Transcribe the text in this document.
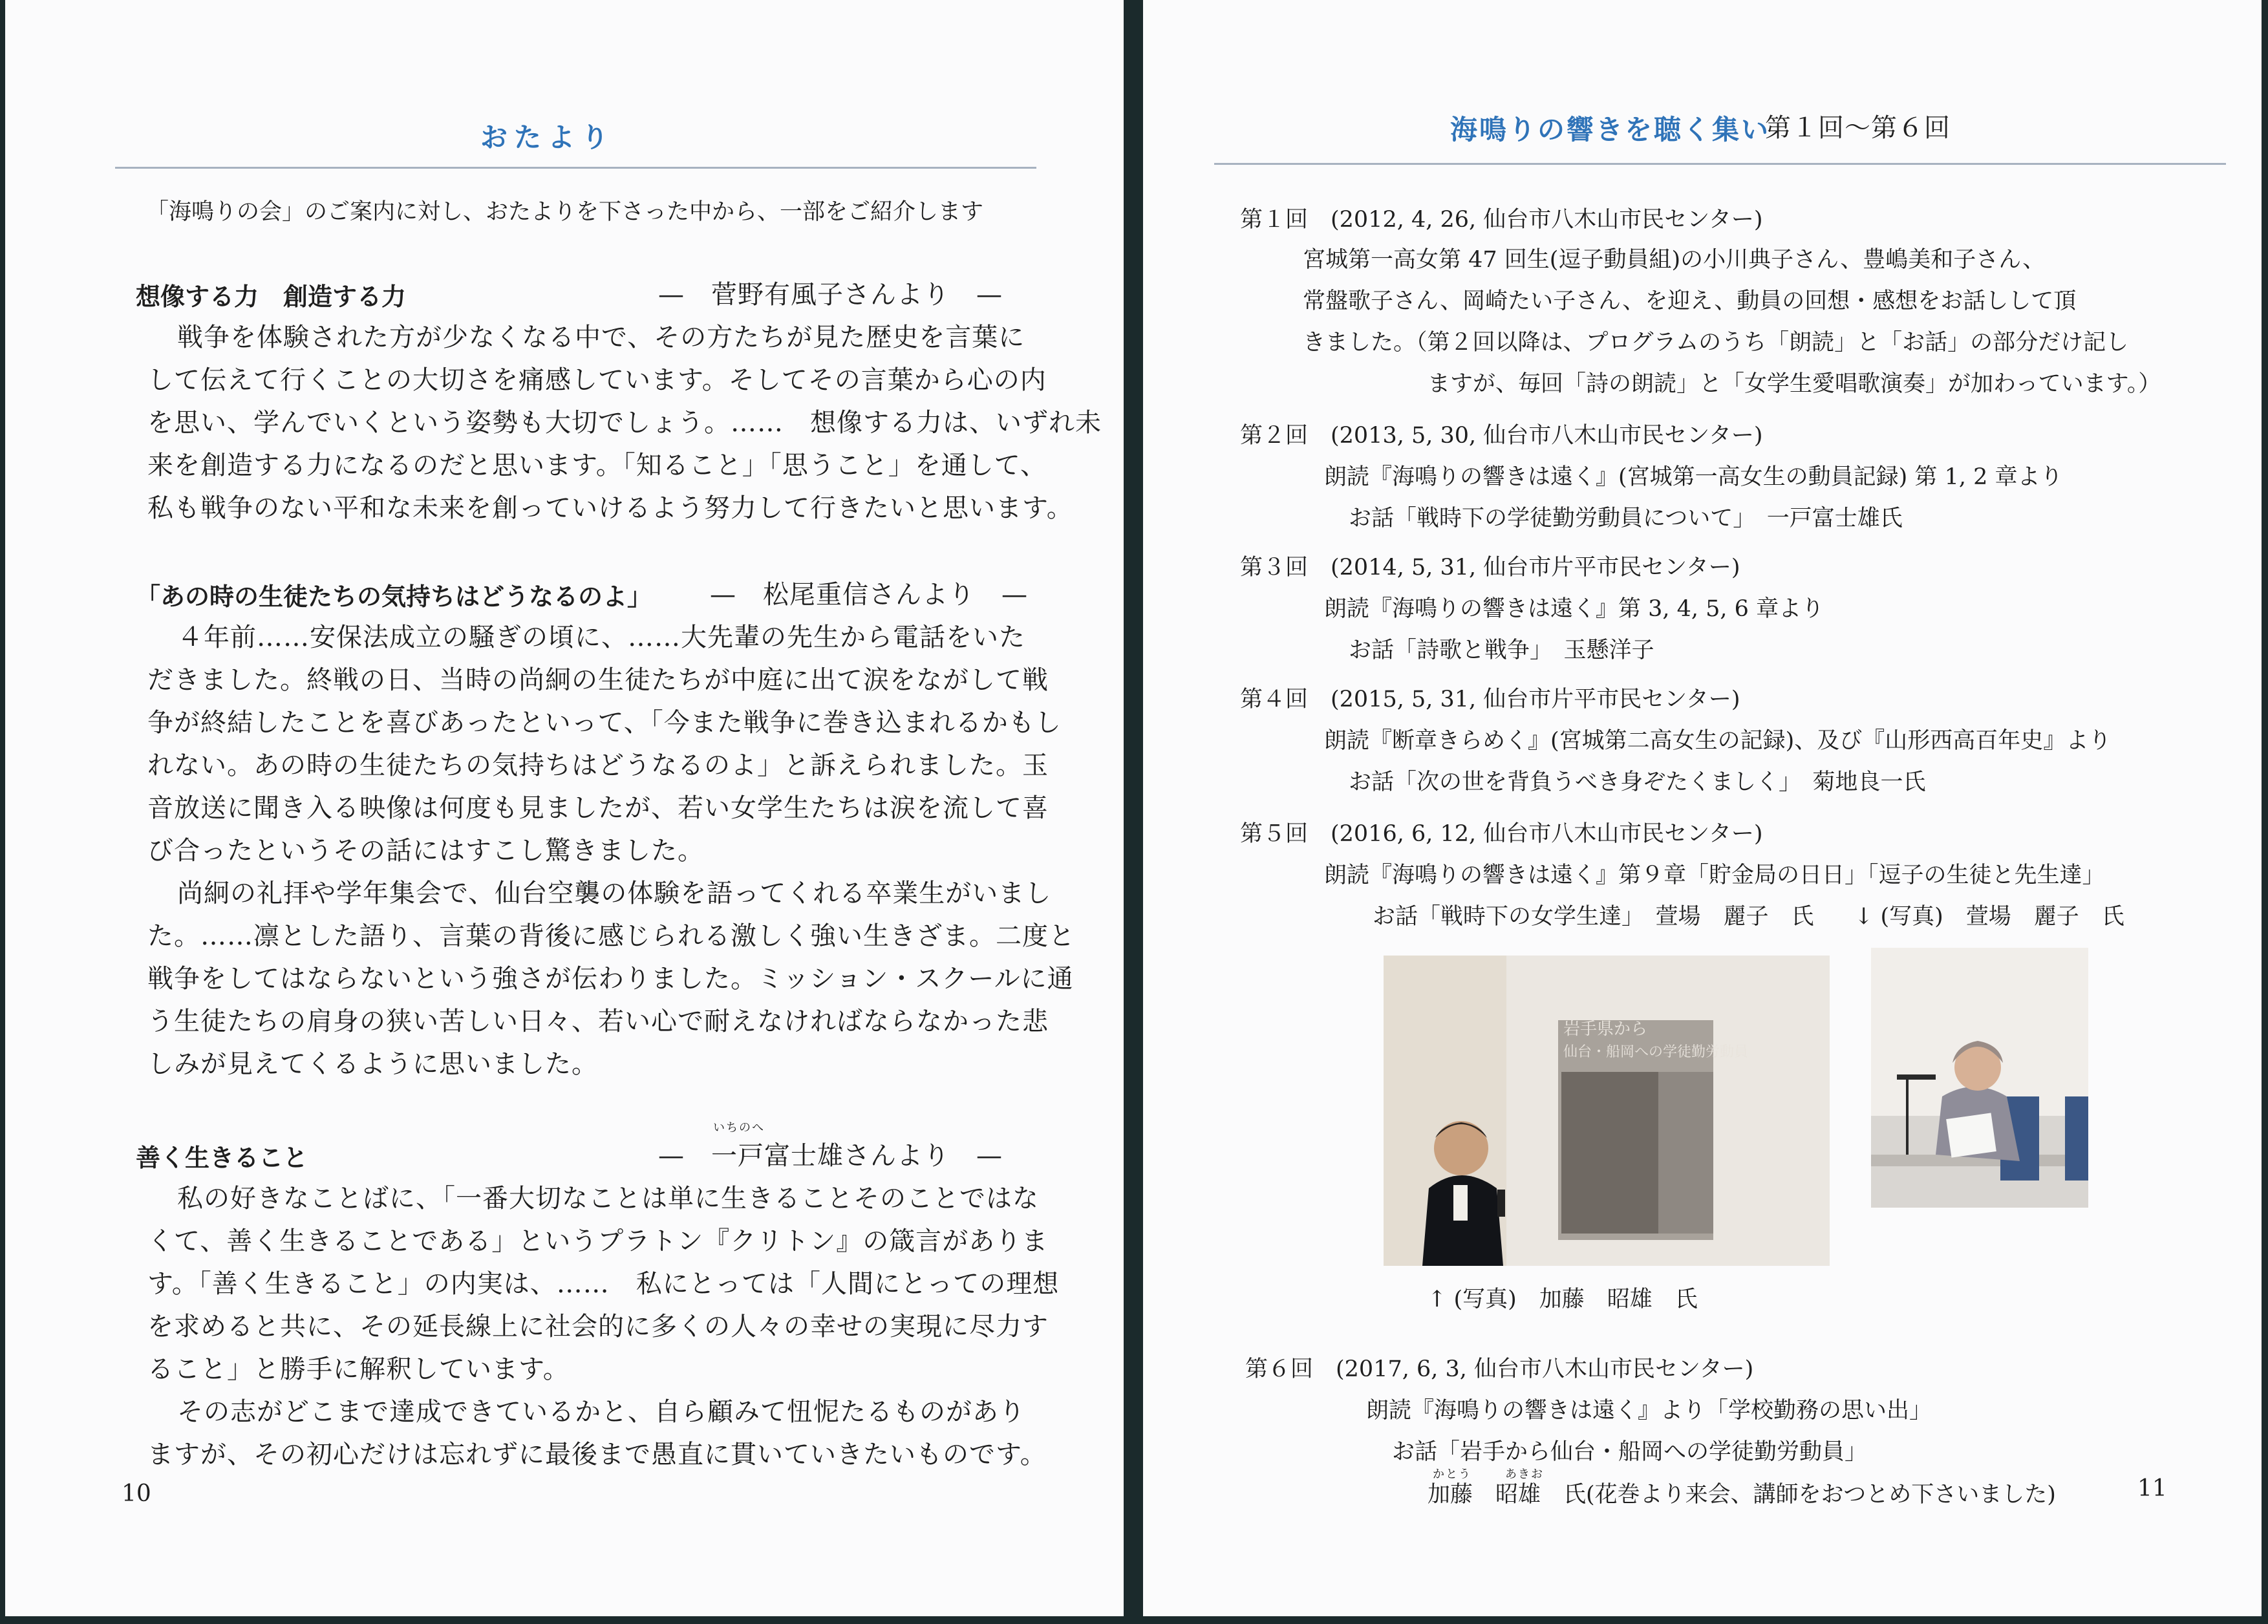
おたより
「海鳴りの会」のご案内に対し、おたよりを下さった中から、一部をご紹介します
想像する力　創造する力	—　菅野有風子さんより　—
戦争を体験された方が少なくなる中で、その方たちが見た歴史を言葉に
して伝えて行くことの大切さを痛感しています。そしてその言葉から心の内
を思い、学んでいくという姿勢も大切でしょう。……　想像する力は、いずれ未
来を創造する力になるのだと思います。「知ること」「思うこと」を通して、
私も戦争のない平和な未来を創っていけるよう努力して行きたいと思います。
「あの時の生徒たちの気持ちはどうなるのよ」 —　松尾重信さんより　—
４年前……安保法成立の騒ぎの頃に、……大先輩の先生から電話をいた
だきました。終戦の日、当時の尚絅の生徒たちが中庭に出て涙をながして戦
争が終結したことを喜びあったといって、「今また戦争に巻き込まれるかもし
れない。あの時の生徒たちの気持ちはどうなるのよ」と訴えられました。玉
音放送に聞き入る映像は何度も見ましたが、若い女学生たちは涙を流して喜
び合ったというその話にはすこし驚きました。
尚絅の礼拝や学年集会で、仙台空襲の体験を語ってくれる卒業生がいまし
た。……凛とした語り、言葉の背後に感じられる激しく強い生きざま。二度と
戦争をしてはならないという強さが伝わりました。ミッション・スクールに通
う生徒たちの肩身の狭い苦しい日々、若い心で耐えなければならなかった悲
しみが見えてくるように思いました。
善く生きること
いちのへ
—　一戸富士雄さんより　—
私の好きなことばに、「一番大切なことは単に生きることそのことではな
くて、善く生きることである」というプラトン『クリトン』の箴言がありま
す。「善く生きること」の内実は、……　私にとっては「人間にとっての理想
を求めると共に、その延長線上に社会的に多くの人々の幸せの実現に尽力す
ること」と勝手に解釈しています。
その志がどこまで達成できているかと、自ら顧みて忸怩たるものがあり
ますが、その初心だけは忘れずに最後まで愚直に貫いていきたいものです。
10
海鳴りの響きを聴く集い
第１回〜第６回
第１回　(2012, 4, 26, 仙台市八木山市民センター)
宮城第一高女第 47 回生(逗子動員組)の小川典子さん、豊嶋美和子さん、
常盤歌子さん、岡崎たい子さん、を迎え、動員の回想・感想をお話しして頂
きました。（第２回以降は、プログラムのうち「朗読」と「お話」の部分だけ記し
ますが、毎回「詩の朗読」と「女学生愛唱歌演奏」が加わっています。）
第２回　(2013, 5, 30, 仙台市八木山市民センター)
朗読『海鳴りの響きは遠く』(宮城第一高女生の動員記録) 第 1, 2 章より
お話「戦時下の学徒勤労動員について」　一戸富士雄氏
第３回　(2014, 5, 31, 仙台市片平市民センター)
朗読『海鳴りの響きは遠く』第 3, 4, 5, 6 章より
お話「詩歌と戦争」　玉懸洋子
第４回　(2015, 5, 31, 仙台市片平市民センター)
朗読『断章きらめく』(宮城第二高女生の記録)、及び『山形西高百年史』より
お話「次の世を背負うべき身ぞたくましく」　菊地良一氏
第５回　(2016, 6, 12, 仙台市八木山市民センター)
朗読『海鳴りの響きは遠く』第９章「貯金局の日日」「逗子の生徒と先生達」
お話「戦時下の女学生達」　萱場　麗子　氏 ↓ (写真)　萱場　麗子　氏
岩手県から
仙台・船岡への学徒勤労動員
↑ (写真)　加藤　昭雄　氏
第６回　(2017, 6, 3, 仙台市八木山市民センター)
朗読『海鳴りの響きは遠く』より「学校勤務の思い出」
お話「岩手から仙台・船岡への学徒勤労動員」
かとう	あきお
加藤　昭雄　氏(花巻より来会、講師をおつとめ下さいました)	11
